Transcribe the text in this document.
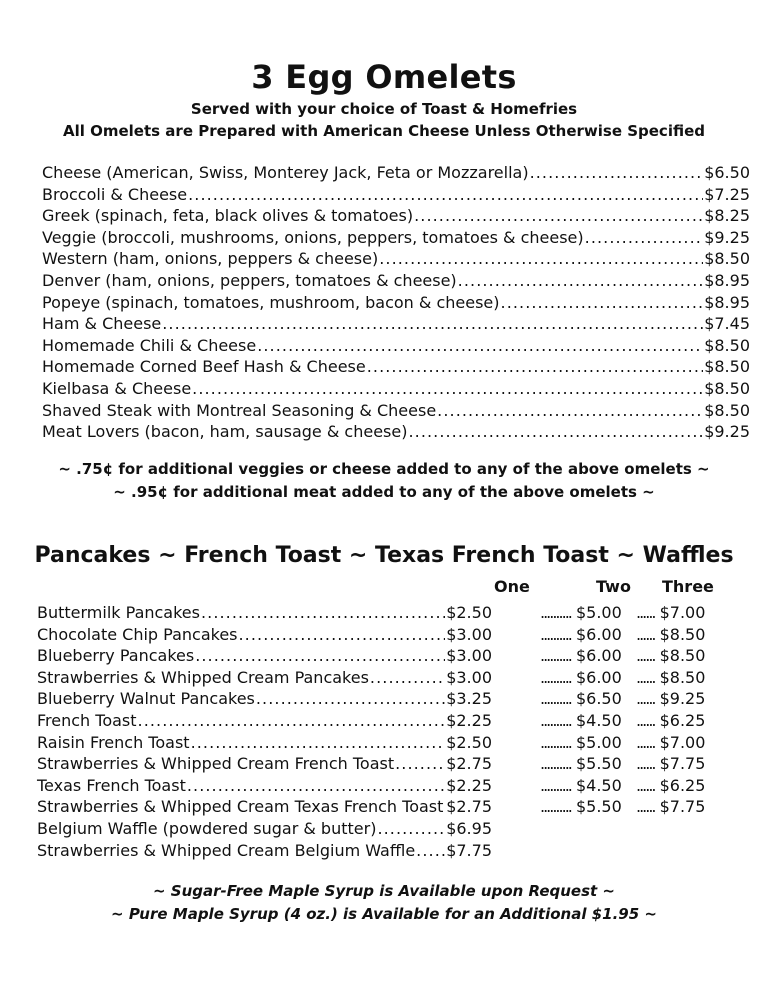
3 Egg Omelets
Served with your choice of Toast & Homefries
All Omelets are Prepared with American Cheese Unless Otherwise Specified
Cheese (American, Swiss, Monterey Jack, Feta or Mozzarella) . . .	$6.50
Broccoli & Cheese . . .	$7.25
Greek (spinach, feta, black olives & tomatoes) . . .	$8.25
Veggie (broccoli, mushrooms, onions, peppers, tomatoes & cheese) . . .	$9.25
Western (ham, onions, peppers & cheese) . . .	$8.50
Denver (ham, onions, peppers, tomatoes & cheese) . . .	$8.95
Popeye (spinach, tomatoes, mushroom, bacon & cheese) . . .	$8.95
Ham & Cheese . . .	$7.45
Homemade Chili & Cheese . . .	$8.50
Homemade Corned Beef Hash & Cheese . . .	$8.50
Kielbasa & Cheese . . .	$8.50
Shaved Steak with Montreal Seasoning & Cheese . . .	$8.50
Meat Lovers (bacon, ham, sausage & cheese) . . .	$9.25
~ .75¢ for additional veggies or cheese added to any of the above omelets ~
~ .95¢ for additional meat added to any of the above omelets ~
Pancakes ~ French Toast ~ Texas French Toast ~ Waffles
One	Two Three
Buttermilk Pancakes . . .	$2.50	.......... $5.00 ...... $7.00
Chocolate Chip Pancakes . . .	$3.00	.......... $6.00 ...... $8.50
Blueberry Pancakes . . .	$3.00	.......... $6.00 ...... $8.50
Strawberries & Whipped Cream Pancakes . . .	$3.00	.......... $6.00 ...... $8.50
Blueberry Walnut Pancakes . . .	$3.25	.......... $6.50 ...... $9.25
French Toast . . .	$2.25	.......... $4.50 ...... $6.25
Raisin French Toast . . .	$2.50	.......... $5.00 ...... $7.00
Strawberries & Whipped Cream French Toast . . .	$2.75	.......... $5.50 ...... $7.75
Texas French Toast . . .	$2.25	.......... $4.50 ...... $6.25
Strawberries & Whipped Cream Texas French Toast . . . $2.75	.......... $5.50 ...... $7.75
Belgium Waffle (powdered sugar & butter) . . .	$6.95
Strawberries & Whipped Cream Belgium Waffle . . . $7.75
~ Sugar-Free Maple Syrup is Available upon Request ~
~ Pure Maple Syrup (4 oz.) is Available for an Additional $1.95 ~
